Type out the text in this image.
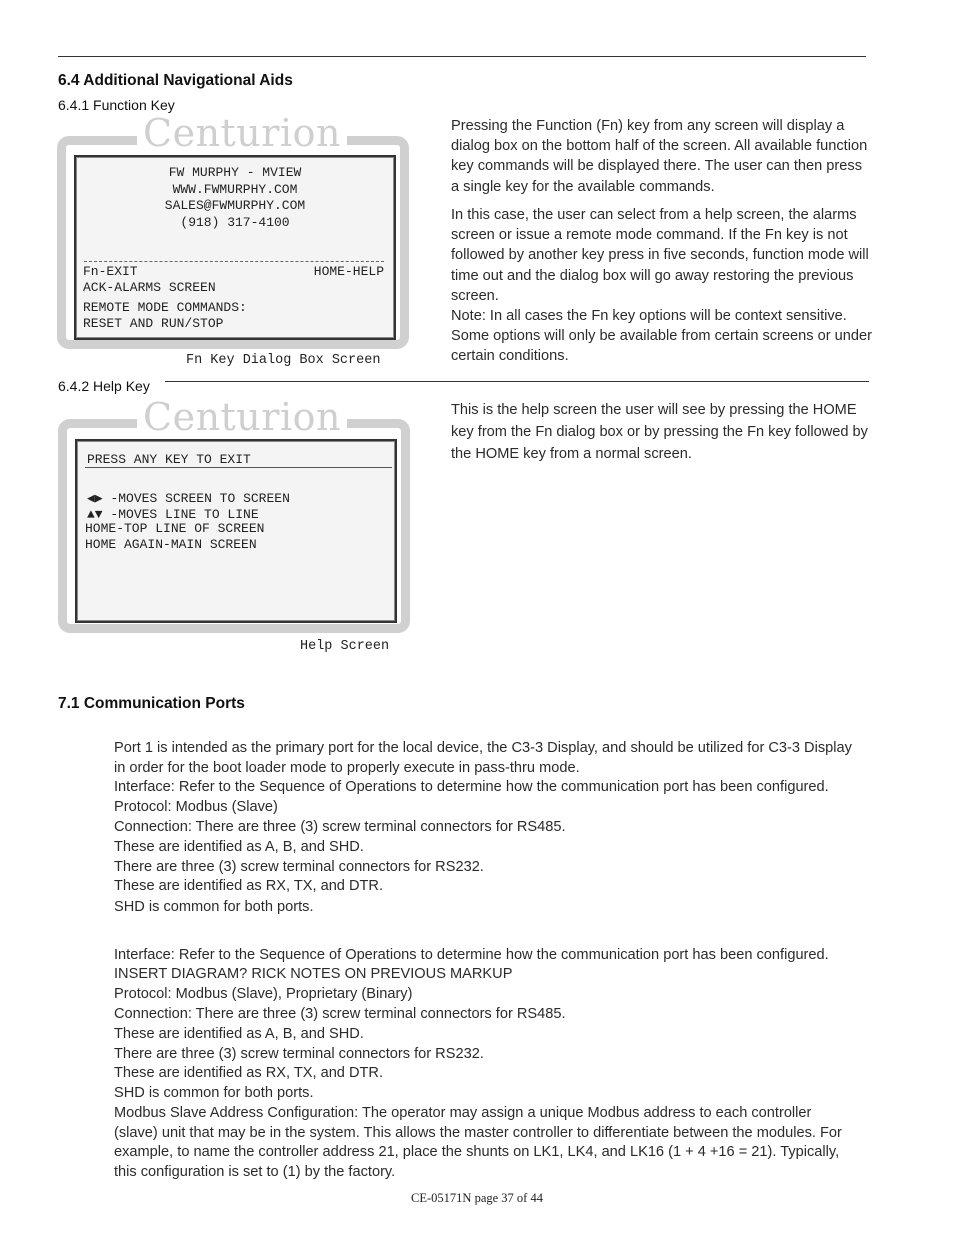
6.4 Additional Navigational Aids
6.4.1 Function Key
Centurion
FW MURPHY - MVIEW
WWW.FWMURPHY.COM
SALES@FWMURPHY.COM
(918) 317-4100
Fn-EXIT	HOME-HELP
ACK-ALARMS SCREEN
REMOTE MODE COMMANDS:
RESET AND RUN/STOP
Fn Key Dialog Box Screen
Pressing the Function (Fn) key from any screen will display a dialog box on the bottom half of the screen. All available function key commands will be displayed there. The user can then press a single key for the available commands.
In this case, the user can select from a help screen, the alarms screen or issue a remote mode command. If the Fn key is not followed by another key press in five seconds, function mode will time out and the dialog box will go away restoring the previous screen.
Note: In all cases the Fn key options will be context sensitive. Some options will only be available from certain screens or under certain conditions.
6.4.2 Help Key
Centurion
PRESS ANY KEY TO EXIT
◀▶ -MOVES SCREEN TO SCREEN
▲▼ -MOVES LINE TO LINE
HOME-TOP LINE OF SCREEN
HOME AGAIN-MAIN SCREEN
Help Screen
This is the help screen the user will see by pressing the HOME key from the Fn dialog box or by pressing the Fn key followed by the HOME key from a normal screen.
7.1 Communication Ports
Port 1 is intended as the primary port for the local device, the C3-3 Display, and should be utilized for C3-3 Display
in order for the boot loader mode to properly execute in pass-thru mode.
Interface: Refer to the Sequence of Operations to determine how the communication port has been configured.
Protocol: Modbus (Slave)
Connection: There are three (3) screw terminal connectors for RS485.
These are identified as A, B, and SHD.
There are three (3) screw terminal connectors for RS232.
These are identified as RX, TX, and DTR.
SHD is common for both ports.
Interface: Refer to the Sequence of Operations to determine how the communication port has been configured.
INSERT DIAGRAM? RICK NOTES ON PREVIOUS MARKUP
Protocol: Modbus (Slave), Proprietary (Binary)
Connection: There are three (3) screw terminal connectors for RS485.
These are identified as A, B, and SHD.
There are three (3) screw terminal connectors for RS232.
These are identified as RX, TX, and DTR.
SHD is common for both ports.
Modbus Slave Address Configuration: The operator may assign a unique Modbus address to each controller
(slave) unit that may be in the system. This allows the master controller to differentiate between the modules. For
example, to name the controller address 21, place the shunts on LK1, LK4, and LK16 (1 + 4 +16 = 21). Typically,
this configuration is set to (1) by the factory.
CE-05171N page 37 of 44
